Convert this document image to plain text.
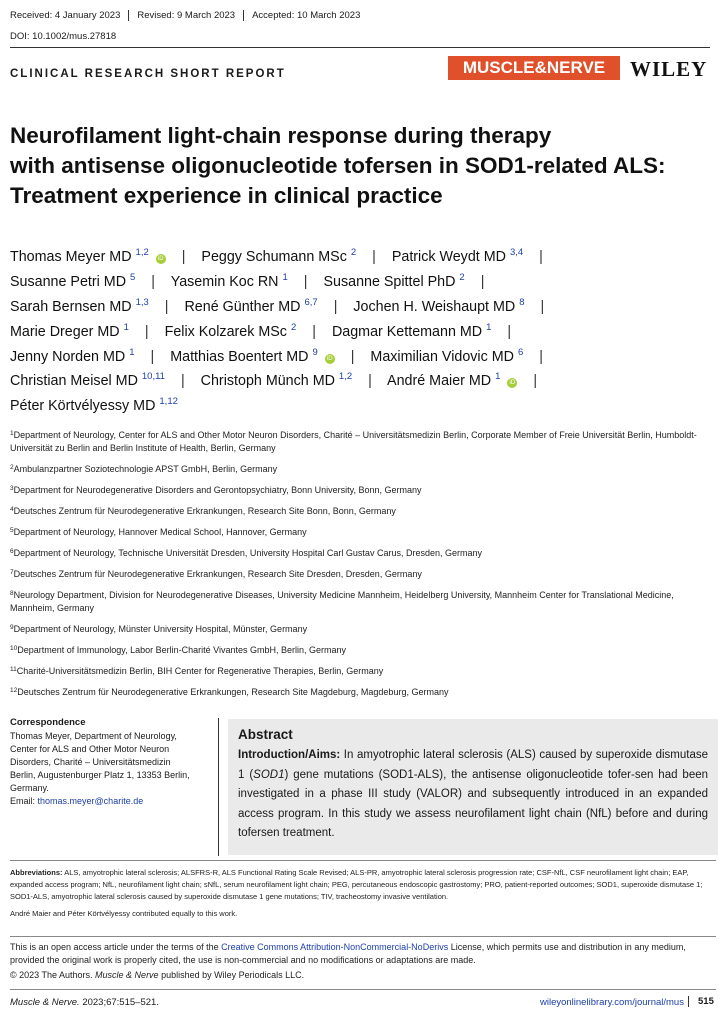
Received: 4 January 2023	Revised: 9 March 2023	Accepted: 10 March 2023
DOI: 10.1002/mus.27818
CLINICAL RESEARCH SHORT REPORT	MUSCLE&NERVE	WILEY
Neurofilament light-chain response during therapy
with antisense oligonucleotide tofersen in SOD1-related ALS:
Treatment experience in clinical practice
Thomas Meyer MD $^{1,2}$ iD | Peggy Schumann MSc $^2$ | Patrick Weydt MD $^{3,4}$ |
Susanne Petri MD $^5$ | Yasemin Koc RN $^1$ | Susanne Spittel PhD $^2$ |
Sarah Bernsen MD $^{1,3}$ | René Günther MD $^{6,7}$ | Jochen H. Weishaupt MD $^8$ |
Marie Dreger MD $^1$ | Felix Kolzarek MSc $^2$ | Dagmar Kettemann MD $^1$ |
Jenny Norden MD $^1$ | Matthias Boentert MD $^9$ iD | Maximilian Vidovic MD $^6$ |
Christian Meisel MD $^{10,11}$ | Christoph Münch MD $^{1,2}$ | André Maier MD $^1$ iD |
Péter Körtvélyessy MD $^{1,12}$
$^1$Department of Neurology, Center for ALS and Other Motor Neuron Disorders, Charité – Universitätsmedizin Berlin, Corporate Member of Freie Universität Berlin, Humboldt-Universität zu Berlin and Berlin Institute of Health, Berlin, Germany
$^2$Ambulanzpartner Soziotechnologie APST GmbH, Berlin, Germany
$^3$Department for Neurodegenerative Disorders and Gerontopsychiatry, Bonn University, Bonn, Germany
$^4$Deutsches Zentrum für Neurodegenerative Erkrankungen, Research Site Bonn, Bonn, Germany
$^5$Department of Neurology, Hannover Medical School, Hannover, Germany
$^6$Department of Neurology, Technische Universität Dresden, University Hospital Carl Gustav Carus, Dresden, Germany
$^7$Deutsches Zentrum für Neurodegenerative Erkrankungen, Research Site Dresden, Dresden, Germany
$^8$Neurology Department, Division for Neurodegenerative Diseases, University Medicine Mannheim, Heidelberg University, Mannheim Center for Translational Medicine, Mannheim, Germany
$^9$Department of Neurology, Münster University Hospital, Münster, Germany
$^{10}$Department of Immunology, Labor Berlin-Charité Vivantes GmbH, Berlin, Germany
$^{11}$Charité-Universitätsmedizin Berlin, BIH Center for Regenerative Therapies, Berlin, Germany
$^{12}$Deutsches Zentrum für Neurodegenerative Erkrankungen, Research Site Magdeburg, Magdeburg, Germany
Correspondence
Thomas Meyer, Department of Neurology,
Center for ALS and Other Motor Neuron
Disorders, Charité – Universitätsmedizin
Berlin, Augustenburger Platz 1, 13353 Berlin,
Germany.
Email: thomas.meyer@charite.de
Abstract
Introduction/Aims: In amyotrophic lateral sclerosis (ALS) caused by superoxide dismutase 1 (SOD1) gene mutations (SOD1-ALS), the antisense oligonucleotide tofer-sen had been investigated in a phase III study (VALOR) and subsequently introduced in an expanded access program. In this study we assess neurofilament light chain (NfL) before and during tofersen treatment.
Abbreviations: ALS, amyotrophic lateral sclerosis; ALSFRS-R, ALS Functional Rating Scale Revised; ALS-PR, amyotrophic lateral sclerosis progression rate; CSF-NfL, CSF neurofilament light chain; EAP, expanded access program; NfL, neurofilament light chain; sNfL, serum neurofilament light chain; PEG, percutaneous endoscopic gastrostomy; PRO, patient-reported outcomes; SOD1, superoxide dismutase 1; SOD1-ALS, amyotrophic lateral sclerosis caused by superoxide dismutase 1 gene mutations; TIV, tracheostomy invasive ventilation.
André Maier and Péter Körtvélyessy contributed equally to this work.
This is an open access article under the terms of the Creative Commons Attribution-NonCommercial-NoDerivs License, which permits use and distribution in any medium, provided the original work is properly cited, the use is non-commercial and no modifications or adaptations are made.
© 2023 The Authors. Muscle & Nerve published by Wiley Periodicals LLC.
Muscle & Nerve. 2023;67:515–521.	wileyonlinelibrary.com/journal/mus	515
